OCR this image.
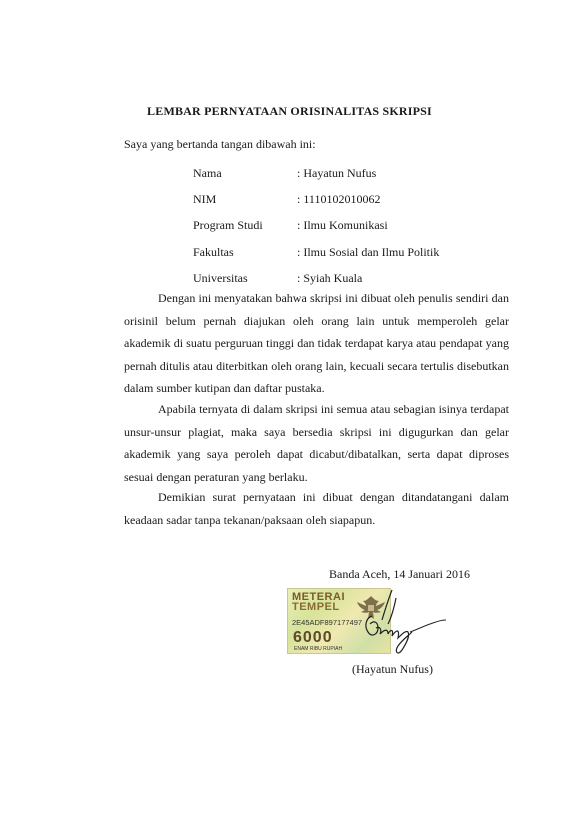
LEMBAR PERNYATAAN ORISINALITAS SKRIPSI
Saya yang bertanda tangan dibawah ini:
Nama	: Hayatun Nufus
NIM	: 1110102010062
Program Studi	: Ilmu Komunikasi
Fakultas	: Ilmu Sosial dan Ilmu Politik
Universitas	: Syiah Kuala

Dengan ini menyatakan bahwa skripsi ini dibuat oleh penulis sendiri dan orisinil belum pernah diajukan oleh orang lain untuk memperoleh gelar akademik di suatu perguruan tinggi dan tidak terdapat karya atau pendapat yang pernah ditulis atau diterbitkan oleh orang lain, kecuali secara tertulis disebutkan dalam sumber kutipan dan daftar pustaka.

Apabila ternyata di dalam skripsi ini semua atau sebagian isinya terdapat unsur-unsur plagiat, maka saya bersedia skripsi ini digugurkan dan gelar akademik yang saya peroleh dapat dicabut/dibatalkan, serta dapat diproses sesuai dengan peraturan yang berlaku.

Demikian surat pernyataan ini dibuat dengan ditandatangani dalam keadaan sadar tanpa tekanan/paksaan oleh siapapun.

Banda Aceh, 14 Januari 2016
METERAI
TEMPEL
2E45ADF897177497
6000
ENAM RIBU RUPIAH
(Hayatun Nufus)
